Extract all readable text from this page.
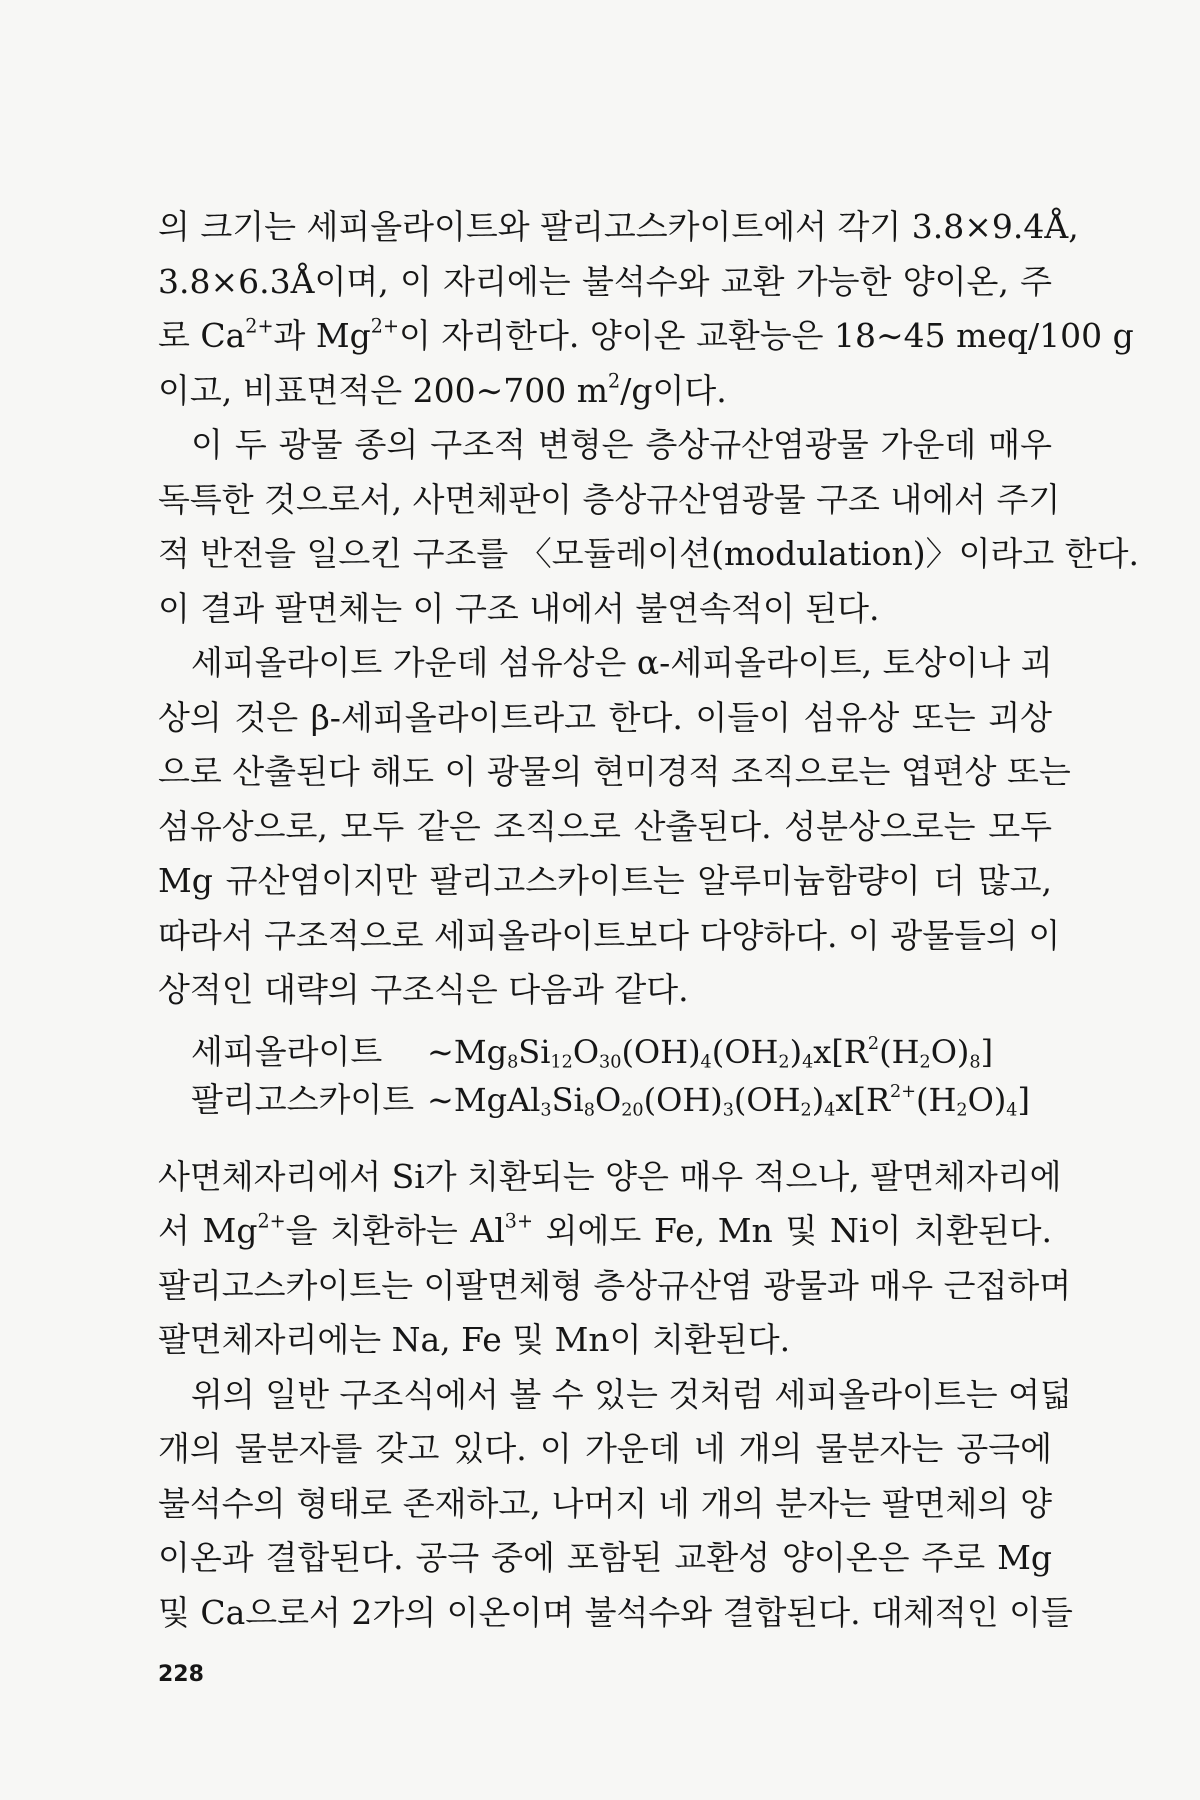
의 크기는 세피올라이트와 팔리고스카이트에서 각기 3.8×9.4Å,
3.8×6.3Å이며, 이 자리에는 불석수와 교환 가능한 양이온, 주
로 $Ca^{2+}$과 $Mg^{2+}$이 자리한다. 양이온 교환능은 18∼45 meq/100 g
이고, 비표면적은 200∼700 $m^2/g$이다.
이 두 광물 종의 구조적 변형은 층상규산염광물 가운데 매우
독특한 것으로서, 사면체판이 층상규산염광물 구조 내에서 주기
적 반전을 일으킨 구조를 〈모듈레이션(modulation)〉이라고 한다.
이 결과 팔면체는 이 구조 내에서 불연속적이 된다.
세피올라이트 가운데 섬유상은 α-세피올라이트, 토상이나 괴
상의 것은 β-세피올라이트라고 한다. 이들이 섬유상 또는 괴상
으로 산출된다 해도 이 광물의 현미경적 조직으로는 엽편상 또는
섬유상으로, 모두 같은 조직으로 산출된다. 성분상으로는 모두
Mg 규산염이지만 팔리고스카이트는 알루미늄함량이 더 많고,
따라서 구조적으로 세피올라이트보다 다양하다. 이 광물들의 이
상적인 대략의 구조식은 다음과 같다.
세피올라이트 $\sim Mg_8Si_{12}O_{30}(OH)_4(OH_2)_4x[R^2(H_2O)_8]$
팔리고스카이트 $\sim MgAl_3Si_8O_{20}(OH)_3(OH_2)_4x[R^{2+}(H_2O)_4]$
사면체자리에서 Si가 치환되는 양은 매우 적으나, 팔면체자리에
서 $Mg^{2+}$을 치환하는 $Al^{3+}$ 외에도 Fe, Mn 및 Ni이 치환된다.
팔리고스카이트는 이팔면체형 층상규산염 광물과 매우 근접하며
팔면체자리에는 Na, Fe 및 Mn이 치환된다.
위의 일반 구조식에서 볼 수 있는 것처럼 세피올라이트는 여덟
개의 물분자를 갖고 있다. 이 가운데 네 개의 물분자는 공극에
불석수의 형태로 존재하고, 나머지 네 개의 분자는 팔면체의 양
이온과 결합된다. 공극 중에 포함된 교환성 양이온은 주로 Mg
및 Ca으로서 2가의 이온이며 불석수와 결합된다. 대체적인 이들
228
